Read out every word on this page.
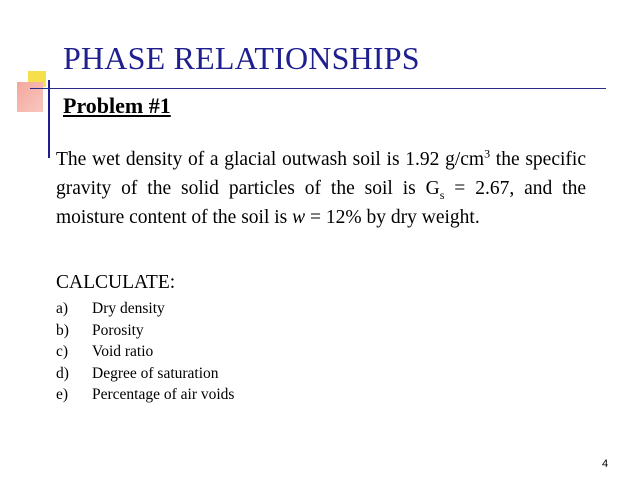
PHASE RELATIONSHIPS
Problem #1
The wet density of a glacial outwash soil is 1.92 $g/cm^3$ the specific gravity of the solid particles of the soil is $G_s = 2.67$, and the moisture content of the soil is w = 12% by dry weight.
CALCULATE:
a) Dry density
b) Porosity
c) Void ratio
d) Degree of saturation
e) Percentage of air voids
4
